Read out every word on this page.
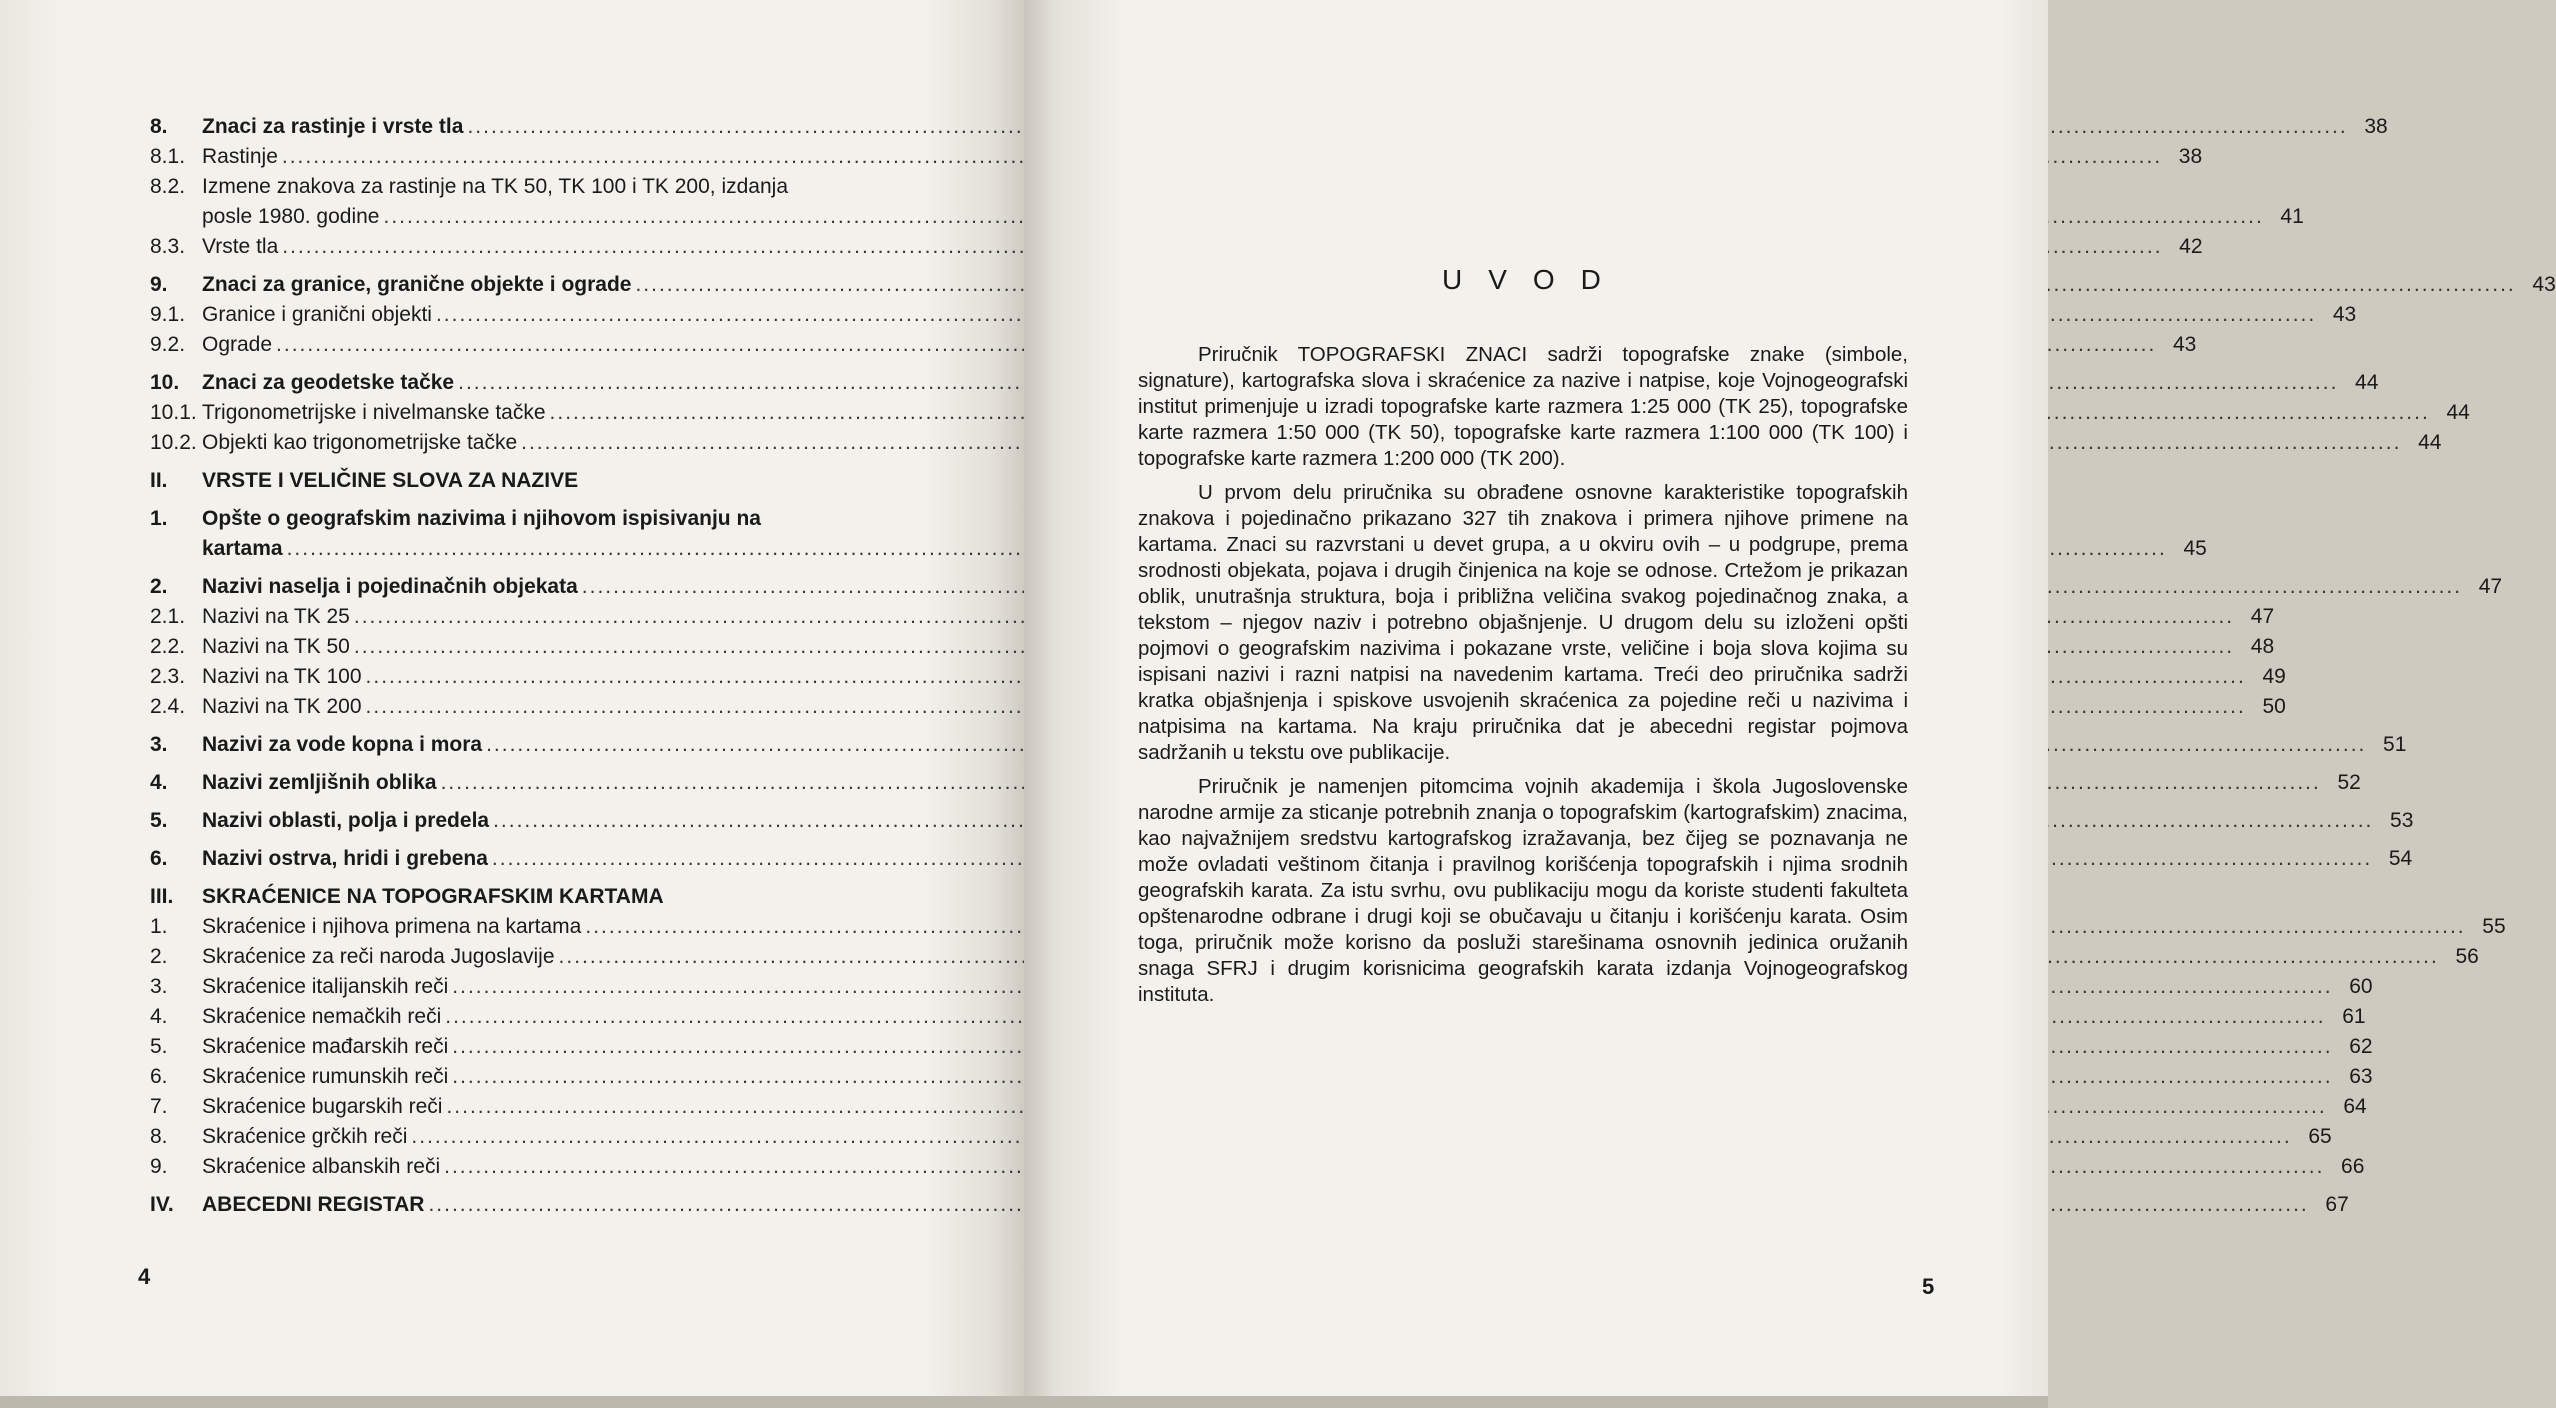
8.	Znaci za rastinje i vrste tla .....	38
8.1. Rastinje .....	38
8.2. Izmene znakova za rastinje na TK 50, TK 100 i TK 200, izdanja
posle 1980. godine .....	41
8.3. Vrste tla .....	42
9.	Znaci za granice, granične objekte i ograde .....	43
9.1. Granice i granični objekti .....	43
9.2. Ograde .....	43
10.	Znaci za geodetske tačke .....	44
10.1. Trigonometrijske i nivelmanske tačke .....	44
10.2. Objekti kao trigonometrijske tačke .....	44
II.	VRSTE I VELIČINE SLOVA ZA NAZIVE
1.	Opšte o geografskim nazivima i njihovom ispisivanju na
kartama .....	45
2.	Nazivi naselja i pojedinačnih objekata .....	47
2.1. Nazivi na TK 25 .....	47
2.2. Nazivi na TK 50 .....	48
2.3. Nazivi na TK 100 .....	49
2.4. Nazivi na TK 200 .....	50
3.	Nazivi za vode kopna i mora .....	51
4.	Nazivi zemljišnih oblika .....	52
5.	Nazivi oblasti, polja i predela .....	53
6.	Nazivi ostrva, hridi i grebena .....	54
III.	SKRAĆENICE NA TOPOGRAFSKIM KARTAMA
1.	Skraćenice i njihova primena na kartama .....	55
2.	Skraćenice za reči naroda Jugoslavije .....	56
3.	Skraćenice italijanskih reči .....	60
4.	Skraćenice nemačkih reči .....	61
5.	Skraćenice mađarskih reči .....	62
6.	Skraćenice rumunskih reči .....	63
7.	Skraćenice bugarskih reči .....	64
8.	Skraćenice grčkih reči .....	65
9.	Skraćenice albanskih reči .....	66
IV.	ABECEDNI REGISTAR .....	67
4
UVOD

Priručnik TOPOGRAFSKI ZNACI sadrži topografske znake (simbole, signature), kartografska slova i skraćenice za nazive i natpise, koje Vojnogeografski institut primenjuje u izradi topografske karte razmera 1:25 000 (TK 25), topografske karte razmera 1:50 000 (TK 50), topografske karte razmera 1:100 000 (TK 100) i topografske karte razmera 1:200 000 (TK 200).

U prvom delu priručnika su obrađene osnovne karakteristike topografskih znakova i pojedinačno prikazano 327 tih znakova i primera njihove primene na kartama. Znaci su razvrstani u devet grupa, a u okviru ovih – u podgrupe, prema srodnosti objekata, pojava i drugih činjenica na koje se odnose. Crtežom je prikazan oblik, unutrašnja struktura, boja i približna veličina svakog pojedinačnog znaka, a tekstom – njegov naziv i potrebno objašnjenje. U drugom delu su izloženi opšti pojmovi o geografskim nazivima i pokazane vrste, veličine i boja slova kojima su ispisani nazivi i razni natpisi na navedenim kartama. Treći deo priručnika sadrži kratka objašnjenja i spiskove usvojenih skraćenica za pojedine reči u nazivima i natpisima na kartama. Na kraju priručnika dat je abecedni registar pojmova sadržanih u tekstu ove publikacije.

Priručnik je namenjen pitomcima vojnih akademija i škola Jugoslovenske narodne armije za sticanje potrebnih znanja o topografskim (kartografskim) znacima, kao najvažnijem sredstvu kartografskog izražavanja, bez čijeg se poznavanja ne može ovladati veštinom čitanja i pravilnog korišćenja topografskih i njima srodnih geografskih karata. Za istu svrhu, ovu publikaciju mogu da koriste studenti fakulteta opštenarodne odbrane i drugi koji se obučavaju u čitanju i korišćenju karata. Osim toga, priručnik može korisno da posluži starešinama osnovnih jedinica oružanih snaga SFRJ i drugim korisnicima geografskih karata izdanja Vojnogeografskog instituta.

5
